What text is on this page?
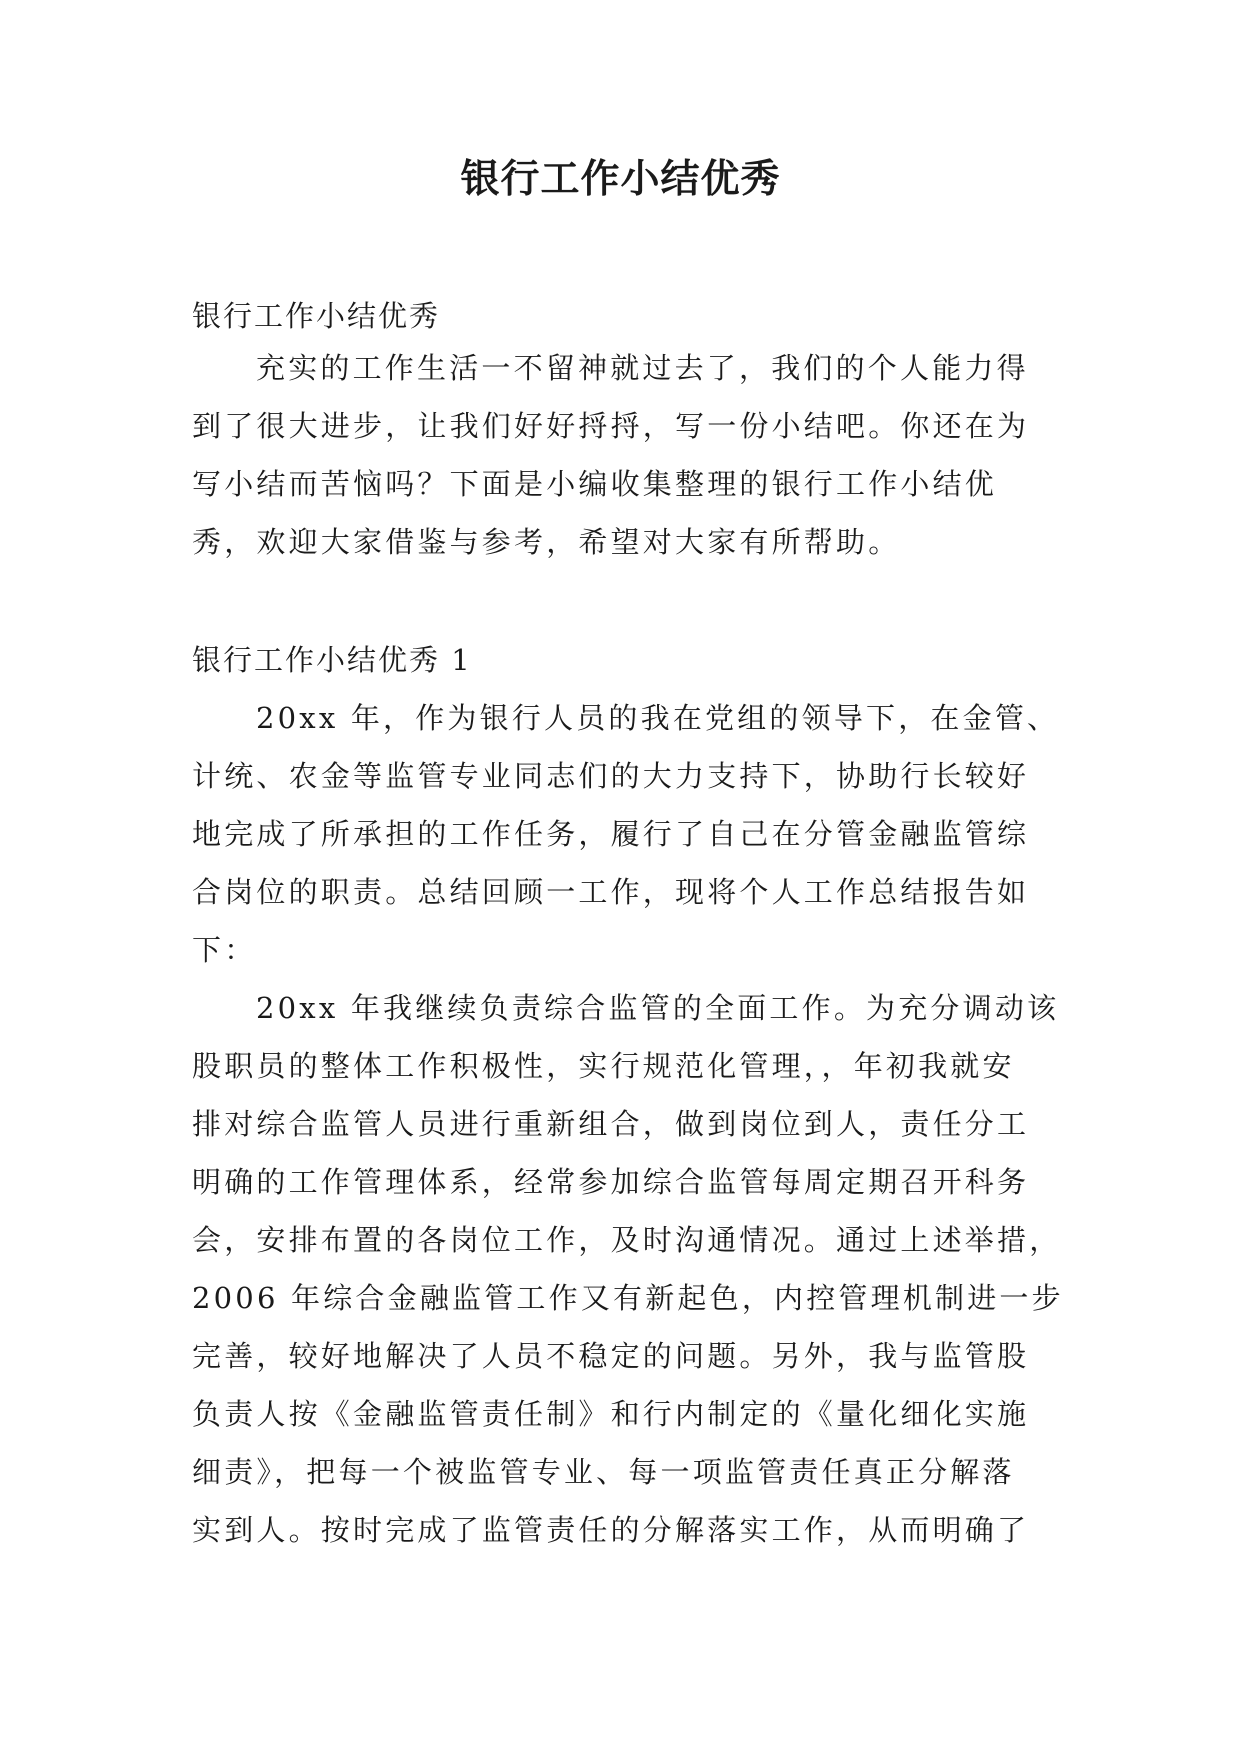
银行工作小结优秀

银行工作小结优秀

充实的工作生活一不留神就过去了，我们的个人能力得

到了很大进步，让我们好好捋捋，写一份小结吧。你还在为

写小结而苦恼吗？下面是小编收集整理的银行工作小结优

秀，欢迎大家借鉴与参考，希望对大家有所帮助。

银行工作小结优秀 1

20xx 年，作为银行人员的我在党组的领导下，在金管、

计统、农金等监管专业同志们的大力支持下，协助行长较好

地完成了所承担的工作任务，履行了自己在分管金融监管综

合岗位的职责。总结回顾一工作，现将个人工作总结报告如

下：

20xx 年我继续负责综合监管的全面工作。为充分调动该

股职员的整体工作积极性，实行规范化管理，，年初我就安

排对综合监管人员进行重新组合，做到岗位到人，责任分工

明确的工作管理体系，经常参加综合监管每周定期召开科务

会，安排布置的各岗位工作，及时沟通情况。通过上述举措，

2006 年综合金融监管工作又有新起色，内控管理机制进一步

完善，较好地解决了人员不稳定的问题。另外，我与监管股

负责人按《金融监管责任制》和行内制定的《量化细化实施

细责》，把每一个被监管专业、每一项监管责任真正分解落

实到人。按时完成了监管责任的分解落实工作，从而明确了
